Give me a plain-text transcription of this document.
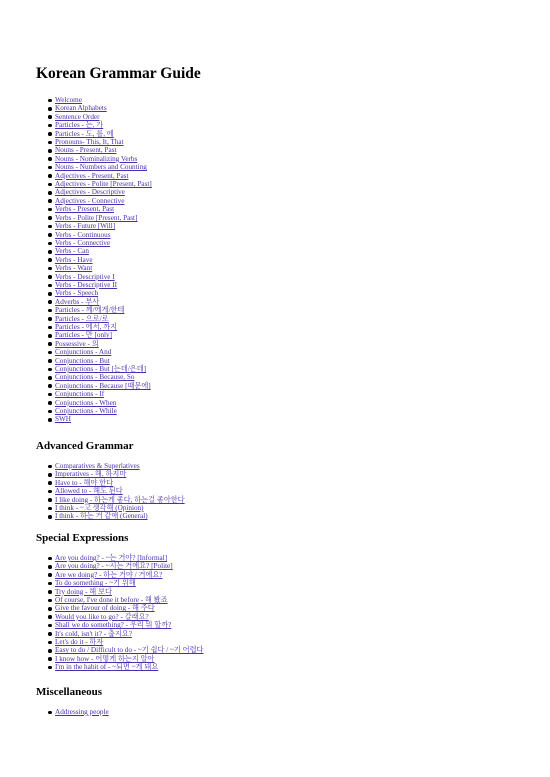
Korean Grammar Guide
Welcome
Korean Alphabets
Sentence Order
Particles - 는, 가
Particles - 도, 를, 에
Pronouns- This, It, That
Nouns - Present, Past
Nouns - Nominalizing Verbs
Nouns - Numbers and Counting
Adjectives - Present, Past
Adjectives - Polite [Present, Past]
Adjectives - Descriptive
Adjectives - Connective
Verbs - Present, Past
Verbs - Polite [Present, Past]
Verbs - Future [Will]
Verbs - Continuous
Verbs - Connective
Verbs - Can
Verbs - Have
Verbs - Want
Verbs - Descriptive I
Verbs - Descriptive II
Verbs - Speech
Adverbs - 부사
Particles - 께/에게/한테
Particles - 으로/로
Particles - 에서, 까지
Particles - 만 [only]
Possessive - 의
Conjunctions - And
Conjunctions - But
Conjunctions - But [는데/은데]
Conjunctions - Because, So
Conjunctions - Because [때문에]
Conjunctions - If
Conjunctions - When
Conjunctions - While
SWH
Advanced Grammar
Comparatives & Superlatives
Imperatives - 해, 하지마
Have to - 해야 한다
Allowed to - 해도 된다
I like doing - 하는게 좋다, 하는걸 좋아한다
I think - ~고 생각해 (Opinion)
I think - 하는 거 같애 (General)
Special Expressions
Are you doing? - ~는 거야? [Informal]
Are you doing? - ~시는 거에요? [Polite]
Are we doing? - 하는 거야 / 거에요?
To do something - ~기 위해
Try doing - 해 보다
Of course, I've done it before - 해 봤죠
Give the favour of doing - 해 주다
Would you like to go? - 갈래요?
Shall we do something? - 우리 뭐 할까?
It's cold, isn't it? - 춥지요?
Let's do it - 하자
Easy to do / Difficult to do - ~기 쉽다 / ~기 어렵다
I know how - 어떻게 하는지 알아
I'm in the habit of - ~되면 ~게 돼요
Miscellaneous
Addressing people
